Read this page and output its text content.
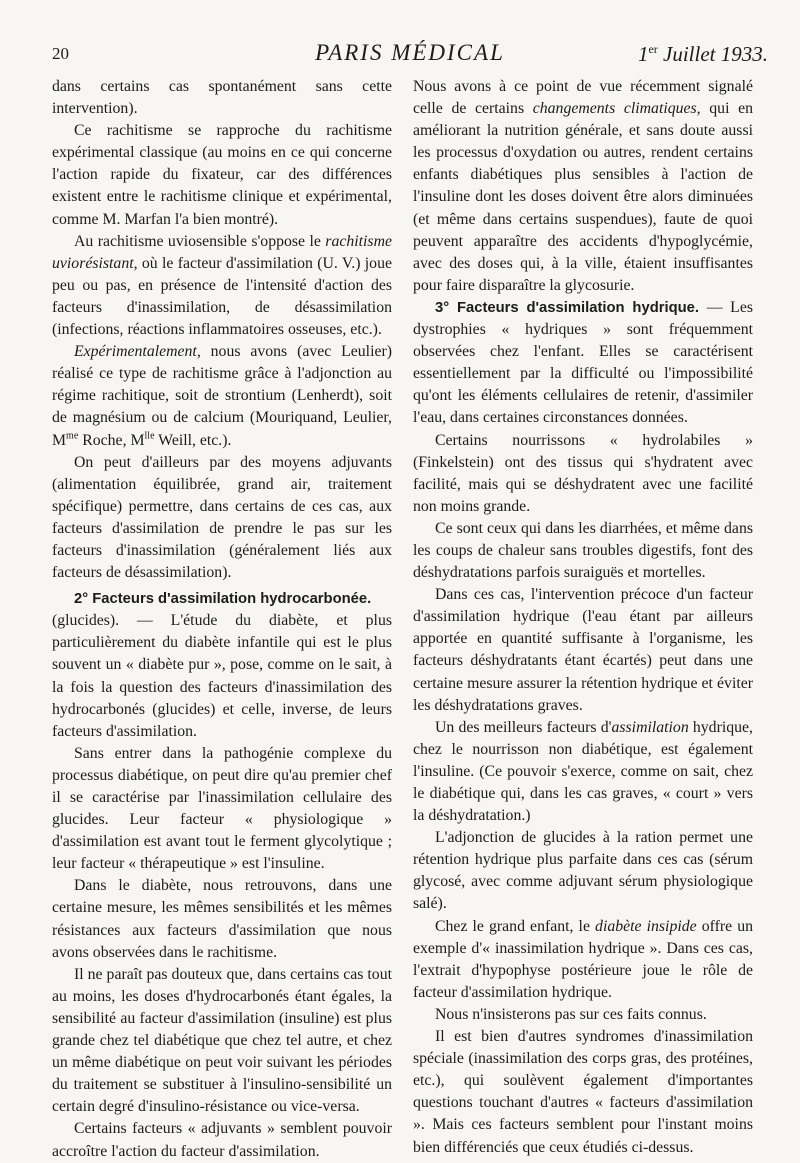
20	PARIS MÉDICAL	1er Juillet 1933.

dans certains cas spontanément sans cette intervention).

Ce rachitisme se rapproche du rachitisme expérimental classique (au moins en ce qui concerne l'action rapide du fixateur, car des différences existent entre le rachitisme clinique et expérimental, comme M. Marfan l'a bien montré).

Au rachitisme uviosensible s'oppose le rachitisme uviorésistant, où le facteur d'assimilation (U. V.) joue peu ou pas, en présence de l'intensité d'action des facteurs d'inassimilation, de désassimilation (infections, réactions inflammatoires osseuses, etc.).

Expérimentalement, nous avons (avec Leulier) réalisé ce type de rachitisme grâce à l'adjonction au régime rachitique, soit de strontium (Lenherdt), soit de magnésium ou de calcium (Mouriquand, Leulier, $M^{me}$ Roche, $M^{lle}$ Weill, etc.).

On peut d'ailleurs par des moyens adjuvants (alimentation équilibrée, grand air, traitement spécifique) permettre, dans certains de ces cas, aux facteurs d'assimilation de prendre le pas sur les facteurs d'inassimilation (généralement liés aux facteurs de désassimilation).

2° Facteurs d'assimilation hydrocarbonée.

(glucides). — L'étude du diabète, et plus particulièrement du diabète infantile qui est le plus souvent un « diabète pur », pose, comme on le sait, à la fois la question des facteurs d'inassimilation des hydrocarbonés (glucides) et celle, inverse, de leurs facteurs d'assimilation.

Sans entrer dans la pathogénie complexe du processus diabétique, on peut dire qu'au premier chef il se caractérise par l'inassimilation cellulaire des glucides. Leur facteur « physiologique » d'assimilation est avant tout le ferment glycolytique ; leur facteur « thérapeutique » est l'insuline.

Dans le diabète, nous retrouvons, dans une certaine mesure, les mêmes sensibilités et les mêmes résistances aux facteurs d'assimilation que nous avons observées dans le rachitisme.

Il ne paraît pas douteux que, dans certains cas tout au moins, les doses d'hydrocarbonés étant égales, la sensibilité au facteur d'assimilation (insuline) est plus grande chez tel diabétique que chez tel autre, et chez un même diabétique on peut voir suivant les périodes du traitement se substituer à l'insulino-sensibilité un certain degré d'insulino-résistance ou vice-versa.

Certains facteurs « adjuvants » semblent pouvoir accroître l'action du facteur d'assimilation.

Nous avons à ce point de vue récemment signalé celle de certains changements climatiques, qui en améliorant la nutrition générale, et sans doute aussi les processus d'oxydation ou autres, rendent certains enfants diabétiques plus sensibles à l'action de l'insuline dont les doses doivent être alors diminuées (et même dans certains suspendues), faute de quoi peuvent apparaître des accidents d'hypoglycémie, avec des doses qui, à la ville, étaient insuffisantes pour faire disparaître la glycosurie.

3° Facteurs d'assimilation hydrique. — Les dystrophies « hydriques » sont fréquemment observées chez l'enfant. Elles se caractérisent essentiellement par la difficulté ou l'impossibilité qu'ont les éléments cellulaires de retenir, d'assimiler l'eau, dans certaines circonstances données.

Certains nourrissons « hydrolabiles » (Finkelstein) ont des tissus qui s'hydratent avec facilité, mais qui se déshydratent avec une facilité non moins grande.

Ce sont ceux qui dans les diarrhées, et même dans les coups de chaleur sans troubles digestifs, font des déshydratations parfois suraiguës et mortelles.

Dans ces cas, l'intervention précoce d'un facteur d'assimilation hydrique (l'eau étant par ailleurs apportée en quantité suffisante à l'organisme, les facteurs déshydratants étant écartés) peut dans une certaine mesure assurer la rétention hydrique et éviter les déshydratations graves.

Un des meilleurs facteurs d'assimilation hydrique, chez le nourrisson non diabétique, est également l'insuline. (Ce pouvoir s'exerce, comme on sait, chez le diabétique qui, dans les cas graves, « court » vers la déshydratation.)

L'adjonction de glucides à la ration permet une rétention hydrique plus parfaite dans ces cas (sérum glycosé, avec comme adjuvant sérum physiologique salé).

Chez le grand enfant, le diabète insipide offre un exemple d'« inassimilation hydrique ». Dans ces cas, l'extrait d'hypophyse postérieure joue le rôle de facteur d'assimilation hydrique.

Nous n'insisterons pas sur ces faits connus.

Il est bien d'autres syndromes d'inassimilation spéciale (inassimilation des corps gras, des protéines, etc.), qui soulèvent également d'importantes questions touchant d'autres « facteurs d'assimilation ». Mais ces facteurs semblent pour l'instant moins bien différenciés que ceux étudiés ci-dessus.
